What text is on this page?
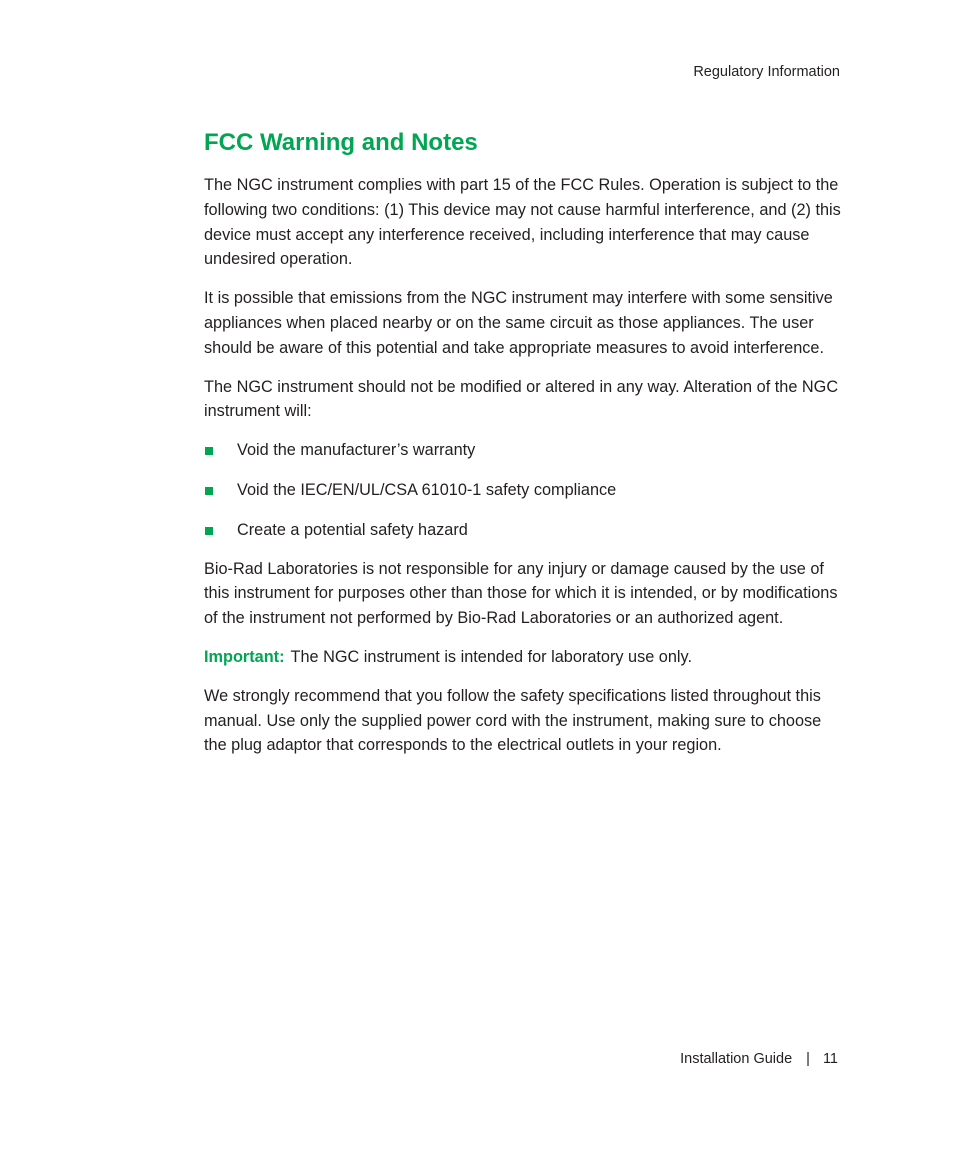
Regulatory Information
FCC Warning and Notes

The NGC instrument complies with part 15 of the FCC Rules. Operation is subject to the following two conditions: (1) This device may not cause harmful interference, and (2) this device must accept any interference received, including interference that may cause undesired operation.

It is possible that emissions from the NGC instrument may interfere with some sensitive appliances when placed nearby or on the same circuit as those appliances. The user should be aware of this potential and take appropriate measures to avoid interference.

The NGC instrument should not be modified or altered in any way. Alteration of the NGC instrument will:

Void the manufacturer’s warranty
Void the IEC/EN/UL/CSA 61010-1 safety compliance
Create a potential safety hazard

Bio-Rad Laboratories is not responsible for any injury or damage caused by the use of this instrument for purposes other than those for which it is intended, or by modifications of the instrument not performed by Bio-Rad Laboratories or an authorized agent.

Important: The NGC instrument is intended for laboratory use only.

We strongly recommend that you follow the safety specifications listed throughout this manual. Use only the supplied power cord with the instrument, making sure to choose the plug adaptor that corresponds to the electrical outlets in your region.

Installation Guide | 11
